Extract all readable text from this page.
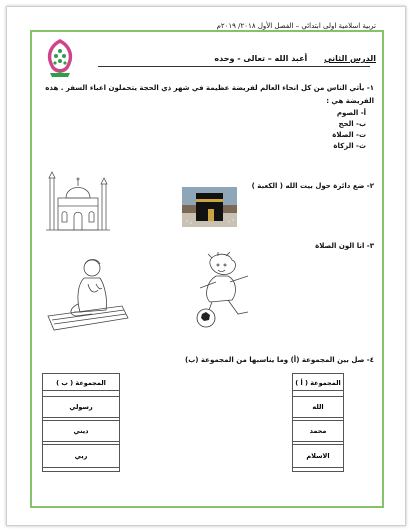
تربية اسلامية اولى ابتدائي – الفصل الأول ٢٠١٨/ ٢٠١٩م
الدرس الثاني أعبد الله – تعالى - وحده
١- يأتي الناس من كل انحاء العالم لفريضة عظيمة في شهر ذي الحجة يتحملون اعباء السفر . هذه
الفريضة هي :
أ- الصوم
ب- الحج
ت- الصلاة
ث- الزكاة
٢- ضع دائرة حول بيت الله ( الكعبة )
٣- انا الون الصلاة
٤- صل بين المجموعة (أ) وما يناسبها من المجموعة (ب)
المجموعة ( أ )
الله
محمد
الاسلام
المجموعة ( ب )
رسولي
ديني
ربي
